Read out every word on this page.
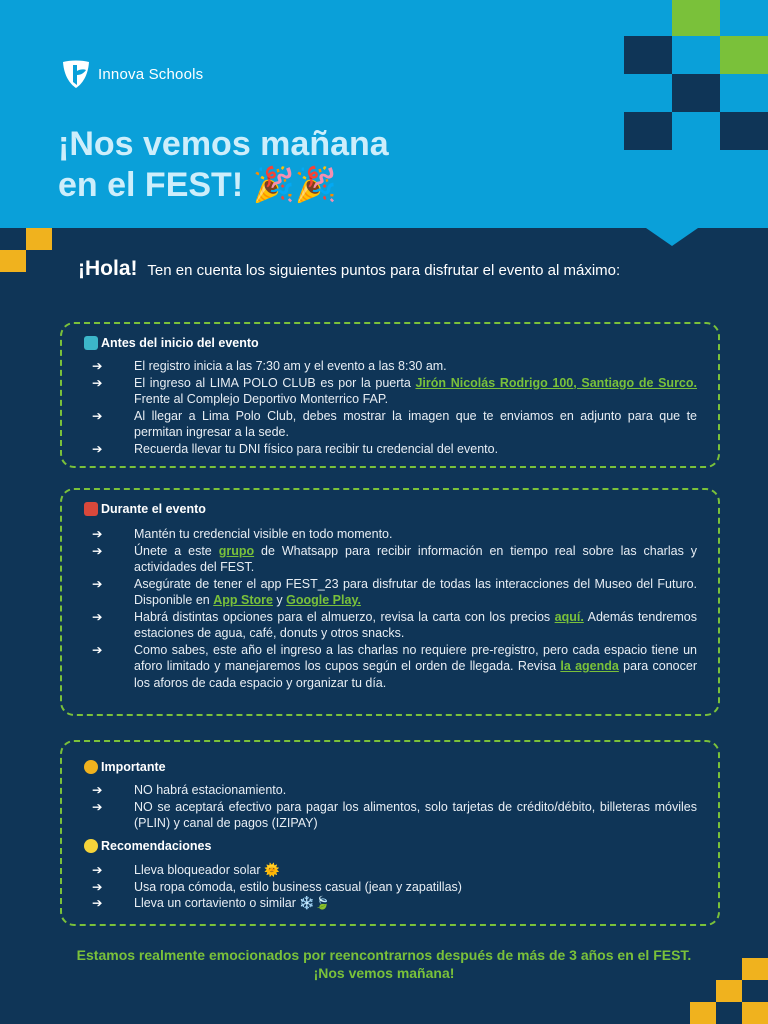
Innova Schools
¡Nos vemos mañana
en el FEST! 🎉🎉
¡Hola! Ten en cuenta los siguientes puntos para disfrutar el evento al máximo:
Antes del inicio del evento
➔	El registro inicia a las 7:30 am y el evento a las 8:30 am.
➔	El ingreso al LIMA POLO CLUB es por la puerta Jirón Nicolás Rodrigo 100, Santiago de Surco. Frente al Complejo Deportivo Monterrico FAP.
➔	Al llegar a Lima Polo Club, debes mostrar la imagen que te enviamos en adjunto para que te permitan ingresar a la sede.
➔	Recuerda llevar tu DNI físico para recibir tu credencial del evento.
Durante el evento
➔	Mantén tu credencial visible en todo momento.
➔	Únete a este grupo de Whatsapp para recibir información en tiempo real sobre las charlas y actividades del FEST.
➔	Asegúrate de tener el app FEST_23 para disfrutar de todas las interacciones del Museo del Futuro. Disponible en App Store y Google Play.
➔	Habrá distintas opciones para el almuerzo, revisa la carta con los precios aquí. Además tendremos estaciones de agua, café, donuts y otros snacks.
➔	Como sabes, este año el ingreso a las charlas no requiere pre-registro, pero cada espacio tiene un aforo limitado y manejaremos los cupos según el orden de llegada. Revisa la agenda para conocer los aforos de cada espacio y organizar tu día.
Importante
➔	NO habrá estacionamiento.
➔	NO se aceptará efectivo para pagar los alimentos, solo tarjetas de crédito/débito, billeteras móviles (PLIN) y canal de pagos (IZIPAY)
Recomendaciones
➔	Lleva bloqueador solar 🌞
➔	Usa ropa cómoda, estilo business casual (jean y zapatillas)
➔	Lleva un cortaviento o similar ❄️🍃
Estamos realmente emocionados por reencontrarnos después de más de 3 años en el FEST. ¡Nos vemos mañana!
